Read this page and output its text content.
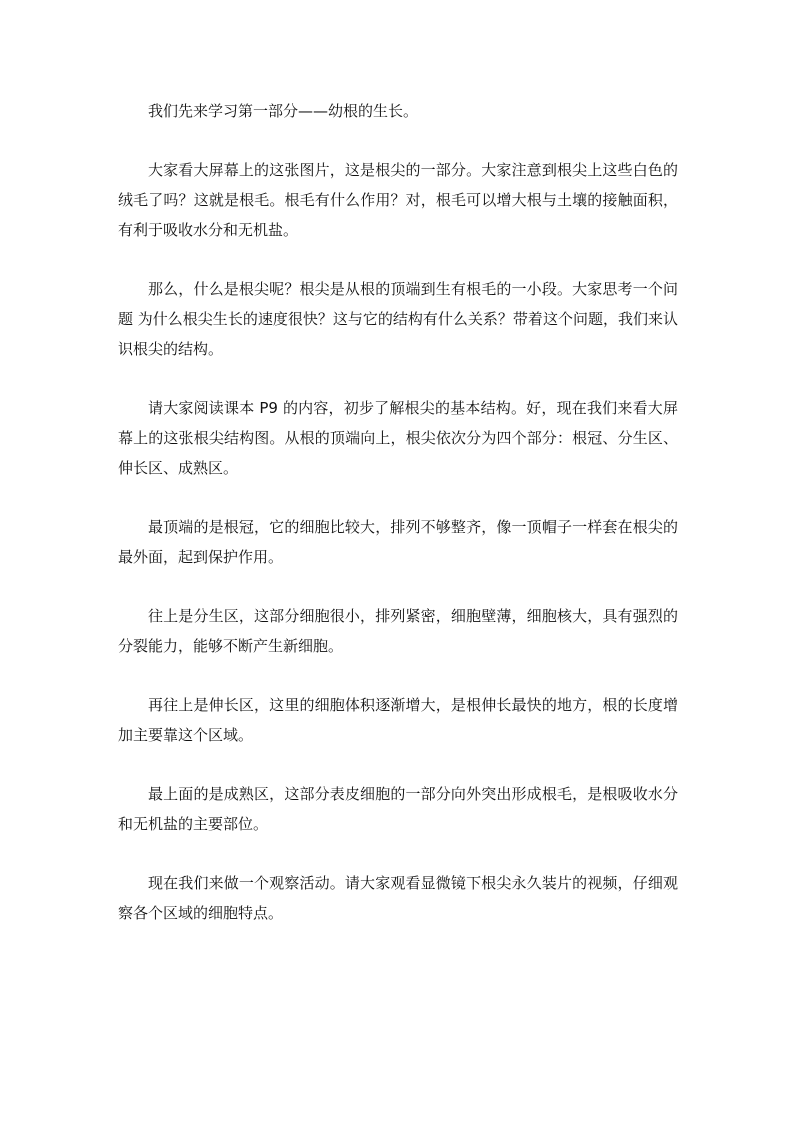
我们先来学习第一部分——幼根的生长。

大家看大屏幕上的这张图片，这是根尖的一部分。大家注意到根尖上这些白色的绒毛了吗？这就是根毛。根毛有什么作用？对，根毛可以增大根与土壤的接触面积，有利于吸收水分和无机盐。

那么，什么是根尖呢？根尖是从根的顶端到生有根毛的一小段。大家思考一个问题 为什么根尖生长的速度很快？这与它的结构有什么关系？带着这个问题，我们来认识根尖的结构。

请大家阅读课本 P9 的内容，初步了解根尖的基本结构。好，现在我们来看大屏幕上的这张根尖结构图。从根的顶端向上，根尖依次分为四个部分：根冠、分生区、伸长区、成熟区。

最顶端的是根冠，它的细胞比较大，排列不够整齐，像一顶帽子一样套在根尖的最外面，起到保护作用。

往上是分生区，这部分细胞很小，排列紧密，细胞壁薄，细胞核大，具有强烈的分裂能力，能够不断产生新细胞。

再往上是伸长区，这里的细胞体积逐渐增大，是根伸长最快的地方，根的长度增加主要靠这个区域。

最上面的是成熟区，这部分表皮细胞的一部分向外突出形成根毛，是根吸收水分和无机盐的主要部位。

现在我们来做一个观察活动。请大家观看显微镜下根尖永久装片的视频，仔细观察各个区域的细胞特点。
